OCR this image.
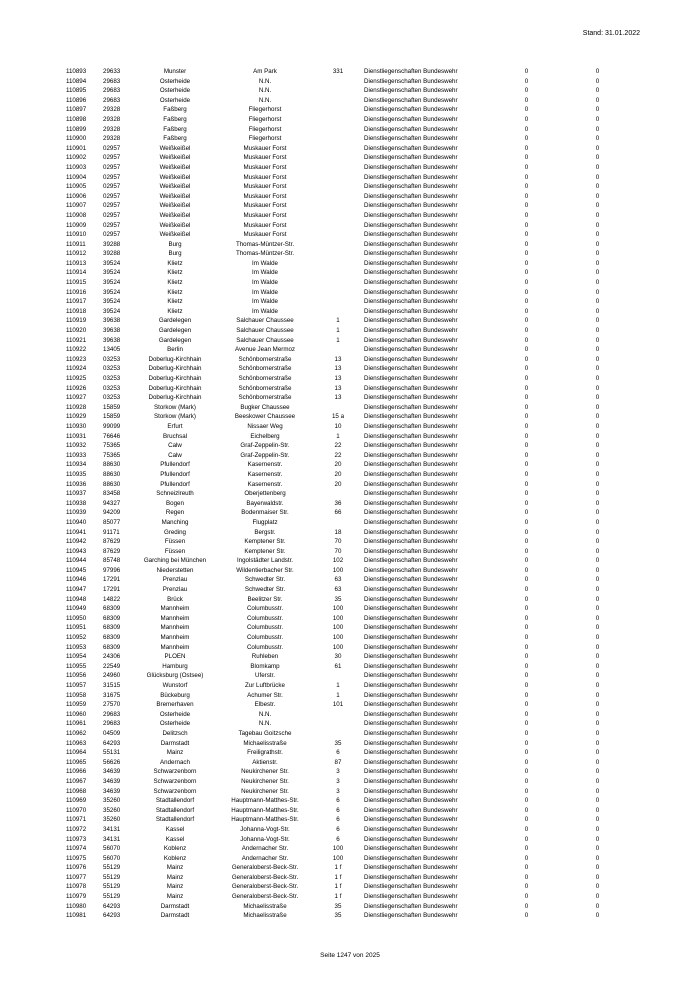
Stand: 31.01.2022
110893	29633	Munster	Am Park	331	Dienstliegenschaften Bundeswehr	0	0
110894	29683	Osterheide	N.N.		Dienstliegenschaften Bundeswehr	0	0
110895	29683	Osterheide	N.N.		Dienstliegenschaften Bundeswehr	0	0
110896	29683	Osterheide	N.N.		Dienstliegenschaften Bundeswehr	0	0
110897	29328	Faßberg	Fliegerhorst		Dienstliegenschaften Bundeswehr	0	0
110898	29328	Faßberg	Fliegerhorst		Dienstliegenschaften Bundeswehr	0	0
110899	29328	Faßberg	Fliegerhorst		Dienstliegenschaften Bundeswehr	0	0
110900	29328	Faßberg	Fliegerhorst		Dienstliegenschaften Bundeswehr	0	0
110901	02957	Weißkeißel	Muskauer Forst		Dienstliegenschaften Bundeswehr	0	0
110902	02957	Weißkeißel	Muskauer Forst		Dienstliegenschaften Bundeswehr	0	0
110903	02957	Weißkeißel	Muskauer Forst		Dienstliegenschaften Bundeswehr	0	0
110904	02957	Weißkeißel	Muskauer Forst		Dienstliegenschaften Bundeswehr	0	0
110905	02957	Weißkeißel	Muskauer Forst		Dienstliegenschaften Bundeswehr	0	0
110906	02957	Weißkeißel	Muskauer Forst		Dienstliegenschaften Bundeswehr	0	0
110907	02957	Weißkeißel	Muskauer Forst		Dienstliegenschaften Bundeswehr	0	0
110908	02957	Weißkeißel	Muskauer Forst		Dienstliegenschaften Bundeswehr	0	0
110909	02957	Weißkeißel	Muskauer Forst		Dienstliegenschaften Bundeswehr	0	0
110910	02957	Weißkeißel	Muskauer Forst		Dienstliegenschaften Bundeswehr	0	0
110911	39288	Burg	Thomas-Müntzer-Str.		Dienstliegenschaften Bundeswehr	0	0
110912	39288	Burg	Thomas-Müntzer-Str.		Dienstliegenschaften Bundeswehr	0	0
110913	39524	Klietz	Im Walde		Dienstliegenschaften Bundeswehr	0	0
110914	39524	Klietz	Im Walde		Dienstliegenschaften Bundeswehr	0	0
110915	39524	Klietz	Im Walde		Dienstliegenschaften Bundeswehr	0	0
110916	39524	Klietz	Im Walde		Dienstliegenschaften Bundeswehr	0	0
110917	39524	Klietz	Im Walde		Dienstliegenschaften Bundeswehr	0	0
110918	39524	Klietz	Im Walde		Dienstliegenschaften Bundeswehr	0	0
110919	39638	Gardelegen	Salchauer Chaussee	1	Dienstliegenschaften Bundeswehr	0	0
110920	39638	Gardelegen	Salchauer Chaussee	1	Dienstliegenschaften Bundeswehr	0	0
110921	39638	Gardelegen	Salchauer Chaussee	1	Dienstliegenschaften Bundeswehr	0	0
110922	13405	Berlin	Avenue Jean Mermoz		Dienstliegenschaften Bundeswehr	0	0
110923	03253	Doberlug-Kirchhain	Schönbornerstraße	13	Dienstliegenschaften Bundeswehr	0	0
110924	03253	Doberlug-Kirchhain	Schönbornerstraße	13	Dienstliegenschaften Bundeswehr	0	0
110925	03253	Doberlug-Kirchhain	Schönbornerstraße	13	Dienstliegenschaften Bundeswehr	0	0
110926	03253	Doberlug-Kirchhain	Schönbornerstraße	13	Dienstliegenschaften Bundeswehr	0	0
110927	03253	Doberlug-Kirchhain	Schönbornerstraße	13	Dienstliegenschaften Bundeswehr	0	0
110928	15859	Storkow (Mark)	Bugker Chaussee		Dienstliegenschaften Bundeswehr	0	0
110929	15859	Storkow (Mark)	Beeskower Chaussee	15 a	Dienstliegenschaften Bundeswehr	0	0
110930	99099	Erfurt	Nissaer Weg	10	Dienstliegenschaften Bundeswehr	0	0
110931	76646	Bruchsal	Eichelberg	1	Dienstliegenschaften Bundeswehr	0	0
110932	75365	Calw	Graf-Zeppelin-Str.	22	Dienstliegenschaften Bundeswehr	0	0
110933	75365	Calw	Graf-Zeppelin-Str.	22	Dienstliegenschaften Bundeswehr	0	0
110934	88630	Pfullendorf	Kasernenstr.	20	Dienstliegenschaften Bundeswehr	0	0
110935	88630	Pfullendorf	Kasernenstr.	20	Dienstliegenschaften Bundeswehr	0	0
110936	88630	Pfullendorf	Kasernenstr.	20	Dienstliegenschaften Bundeswehr	0	0
110937	83458	Schneizlreuth	Oberjettenberg		Dienstliegenschaften Bundeswehr	0	0
110938	94327	Bogen	Bayerwaldstr.	36	Dienstliegenschaften Bundeswehr	0	0
110939	94209	Regen	Bodenmaiser Str.	66	Dienstliegenschaften Bundeswehr	0	0
110940	85077	Manching	Flugplatz		Dienstliegenschaften Bundeswehr	0	0
110941	91171	Greding	Bergstr.	18	Dienstliegenschaften Bundeswehr	0	0
110942	87629	Füssen	Kemptener Str.	70	Dienstliegenschaften Bundeswehr	0	0
110943	87629	Füssen	Kemptener Str.	70	Dienstliegenschaften Bundeswehr	0	0
110944	85748	Garching bei München	Ingolstädter Landstr.	102	Dienstliegenschaften Bundeswehr	0	0
110945	97996	Niederstetten	Wildentierbacher Str.	100	Dienstliegenschaften Bundeswehr	0	0
110946	17291	Prenzlau	Schwedter Str.	63	Dienstliegenschaften Bundeswehr	0	0
110947	17291	Prenzlau	Schwedter Str.	63	Dienstliegenschaften Bundeswehr	0	0
110948	14822	Brück	Beelitzer Str.	35	Dienstliegenschaften Bundeswehr	0	0
110949	68309	Mannheim	Columbusstr.	100	Dienstliegenschaften Bundeswehr	0	0
110950	68309	Mannheim	Columbusstr.	100	Dienstliegenschaften Bundeswehr	0	0
110951	68309	Mannheim	Columbusstr.	100	Dienstliegenschaften Bundeswehr	0	0
110952	68309	Mannheim	Columbusstr.	100	Dienstliegenschaften Bundeswehr	0	0
110953	68309	Mannheim	Columbusstr.	100	Dienstliegenschaften Bundeswehr	0	0
110954	24306	PLOEN	Ruhleben	30	Dienstliegenschaften Bundeswehr	0	0
110955	22549	Hamburg	Blomkamp	61	Dienstliegenschaften Bundeswehr	0	0
110956	24960	Glücksburg (Ostsee)	Uferstr.		Dienstliegenschaften Bundeswehr	0	0
110957	31515	Wunstorf	Zur Luftbrücke	1	Dienstliegenschaften Bundeswehr	0	0
110958	31675	Bückeburg	Achumer Str.	1	Dienstliegenschaften Bundeswehr	0	0
110959	27570	Bremerhaven	Elbestr.	101	Dienstliegenschaften Bundeswehr	0	0
110960	29683	Osterheide	N.N.		Dienstliegenschaften Bundeswehr	0	0
110961	29683	Osterheide	N.N.		Dienstliegenschaften Bundeswehr	0	0
110962	04509	Delitzsch	Tagebau Goitzsche		Dienstliegenschaften Bundeswehr	0	0
110963	64293	Darmstadt	Michaelisstraße	35	Dienstliegenschaften Bundeswehr	0	0
110964	55131	Mainz	Freiligrathstr.	6	Dienstliegenschaften Bundeswehr	0	0
110965	56626	Andernach	Aktienstr.	87	Dienstliegenschaften Bundeswehr	0	0
110966	34639	Schwarzenborn	Neukirchener Str.	3	Dienstliegenschaften Bundeswehr	0	0
110967	34639	Schwarzenborn	Neukirchener Str.	3	Dienstliegenschaften Bundeswehr	0	0
110968	34639	Schwarzenborn	Neukirchener Str.	3	Dienstliegenschaften Bundeswehr	0	0
110969	35260	Stadtallendorf	Hauptmann-Matthes-Str.	6	Dienstliegenschaften Bundeswehr	0	0
110970	35260	Stadtallendorf	Hauptmann-Matthes-Str.	6	Dienstliegenschaften Bundeswehr	0	0
110971	35260	Stadtallendorf	Hauptmann-Matthes-Str.	6	Dienstliegenschaften Bundeswehr	0	0
110972	34131	Kassel	Johanna-Vogt-Str.	6	Dienstliegenschaften Bundeswehr	0	0
110973	34131	Kassel	Johanna-Vogt-Str.	6	Dienstliegenschaften Bundeswehr	0	0
110974	56070	Koblenz	Andernacher Str.	100	Dienstliegenschaften Bundeswehr	0	0
110975	56070	Koblenz	Andernacher Str.	100	Dienstliegenschaften Bundeswehr	0	0
110976	55129	Mainz	Generaloberst-Beck-Str.	1 f	Dienstliegenschaften Bundeswehr	0	0
110977	55129	Mainz	Generaloberst-Beck-Str.	1 f	Dienstliegenschaften Bundeswehr	0	0
110978	55129	Mainz	Generaloberst-Beck-Str.	1 f	Dienstliegenschaften Bundeswehr	0	0
110979	55129	Mainz	Generaloberst-Beck-Str.	1 f	Dienstliegenschaften Bundeswehr	0	0
110980	64293	Darmstadt	Michaelisstraße	35	Dienstliegenschaften Bundeswehr	0	0
110981	64293	Darmstadt	Michaelisstraße	35	Dienstliegenschaften Bundeswehr	0	0
Seite 1247 von 2025
